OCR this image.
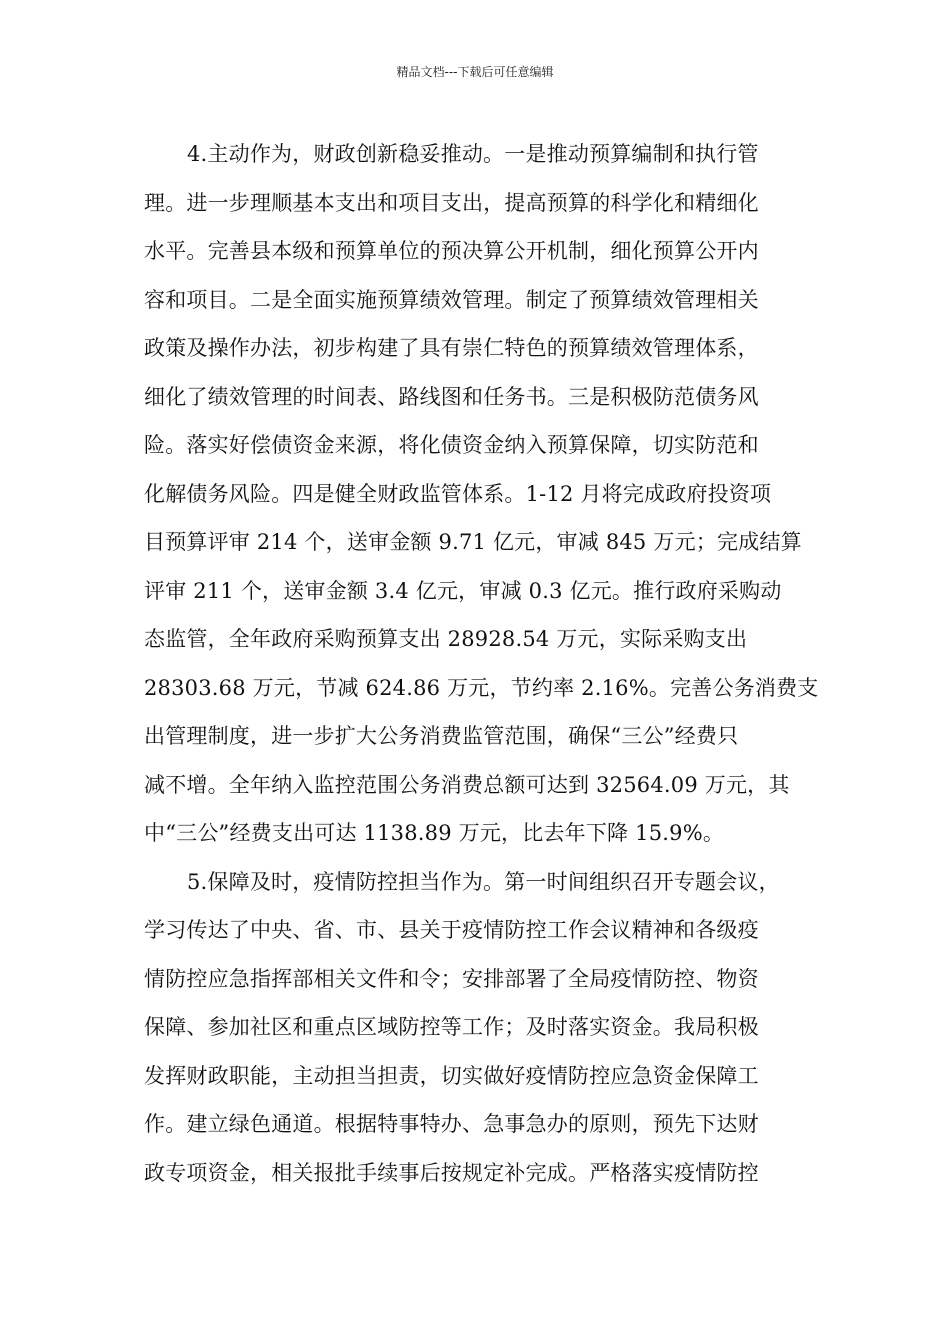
精品文档---下载后可任意编辑
4.主动作为，财政创新稳妥推动。一是推动预算编制和执行管
理。进一步理顺基本支出和项目支出，提高预算的科学化和精细化
水平。完善县本级和预算单位的预决算公开机制，细化预算公开内
容和项目。二是全面实施预算绩效管理。制定了预算绩效管理相关
政策及操作办法，初步构建了具有崇仁特色的预算绩效管理体系，
细化了绩效管理的时间表、路线图和任务书。三是积极防范债务风
险。落实好偿债资金来源，将化债资金纳入预算保障，切实防范和
化解债务风险。四是健全财政监管体系。1-12 月将完成政府投资项
目预算评审 214 个，送审金额 9.71 亿元，审减 845 万元；完成结算
评审 211 个，送审金额 3.4 亿元，审减 0.3 亿元。推行政府采购动
态监管，全年政府采购预算支出 28928.54 万元，实际采购支出
28303.68 万元，节减 624.86 万元，节约率 2.16%。完善公务消费支
出管理制度，进一步扩大公务消费监管范围，确保“三公”经费只
减不增。全年纳入监控范围公务消费总额可达到 32564.09 万元，其
中“三公”经费支出可达 1138.89 万元，比去年下降 15.9%。
5.保障及时，疫情防控担当作为。第一时间组织召开专题会议，
学习传达了中央、省、市、县关于疫情防控工作会议精神和各级疫
情防控应急指挥部相关文件和令；安排部署了全局疫情防控、物资
保障、参加社区和重点区域防控等工作；及时落实资金。我局积极
发挥财政职能，主动担当担责，切实做好疫情防控应急资金保障工
作。建立绿色通道。根据特事特办、急事急办的原则，预先下达财
政专项资金，相关报批手续事后按规定补完成。严格落实疫情防控
